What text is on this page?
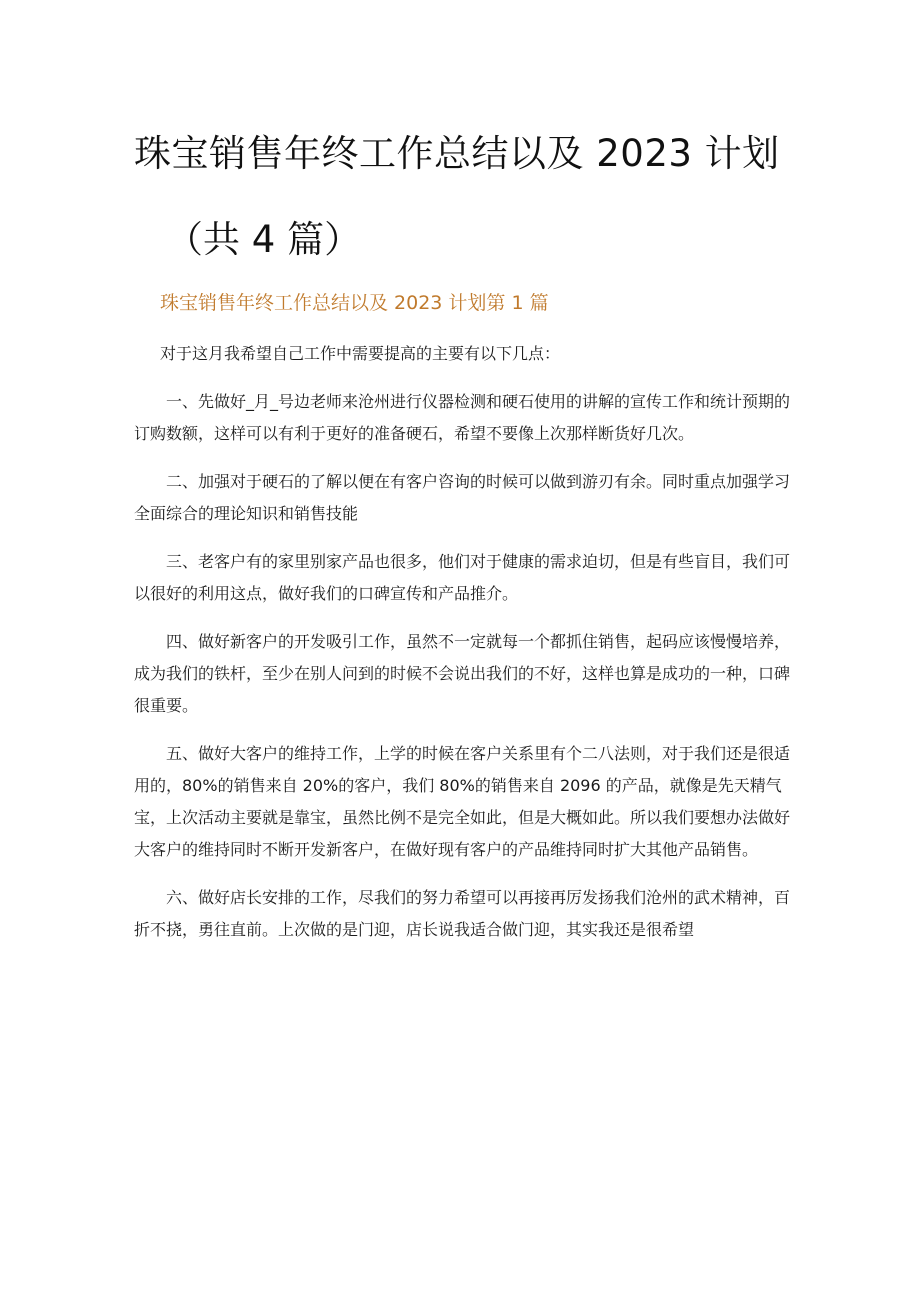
珠宝销售年终工作总结以及 2023 计划
（共 4 篇）
珠宝销售年终工作总结以及 2023 计划第 1 篇

对于这月我希望自己工作中需要提高的主要有以下几点：

一、先做好_月_号边老师来沧州进行仪器检测和硬石使用的讲解的宣传工作和统计预期的订购数额，这样可以有利于更好的准备硬石，希望不要像上次那样断货好几次。

二、加强对于硬石的了解以便在有客户咨询的时候可以做到游刃有余。同时重点加强学习全面综合的理论知识和销售技能

三、老客户有的家里别家产品也很多，他们对于健康的需求迫切，但是有些盲目，我们可以很好的利用这点，做好我们的口碑宣传和产品推介。

四、做好新客户的开发吸引工作，虽然不一定就每一个都抓住销售，起码应该慢慢培养，成为我们的铁杆，至少在别人问到的时候不会说出我们的不好，这样也算是成功的一种，口碑很重要。

五、做好大客户的维持工作，上学的时候在客户关系里有个二八法则，对于我们还是很适用的，80%的销售来自 20%的客户，我们 80%的销售来自 2096 的产品，就像是先天精气宝，上次活动主要就是靠宝，虽然比例不是完全如此，但是大概如此。所以我们要想办法做好大客户的维持同时不断开发新客户，在做好现有客户的产品维持同时扩大其他产品销售。

六、做好店长安排的工作，尽我们的努力希望可以再接再厉发扬我们沧州的武术精神，百折不挠，勇往直前。上次做的是门迎，店长说我适合做门迎，其实我还是很希望
